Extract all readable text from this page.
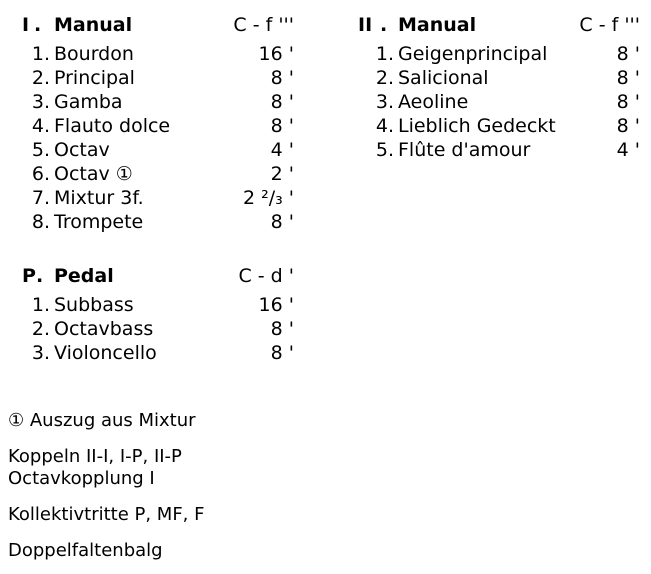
I . Manual	C - f '''
1. Bourdon	16 '
2. Principal	8 '
3. Gamba	8 '
4. Flauto dolce	8 '
5. Octav	4 '
6. Octav ①	2 '
7. Mixtur 3f.	2 ²/₃ '
8. Trompete	8 '
II . Manual	C - f '''
1. Geigenprincipal	8 '
2. Salicional	8 '
3. Aeoline	8 '
4. Lieblich Gedeckt	8 '
5. Flûte d'amour	4 '
P . Pedal	C - d '
1. Subbass	16 '
2. Octavbass	8 '
3. Violoncello	8 '

① Auszug aus Mixtur

Koppeln II-I, I-P, II-P

Octavkopplung I

Kollektivtritte P, MF, F

Doppelfaltenbalg
